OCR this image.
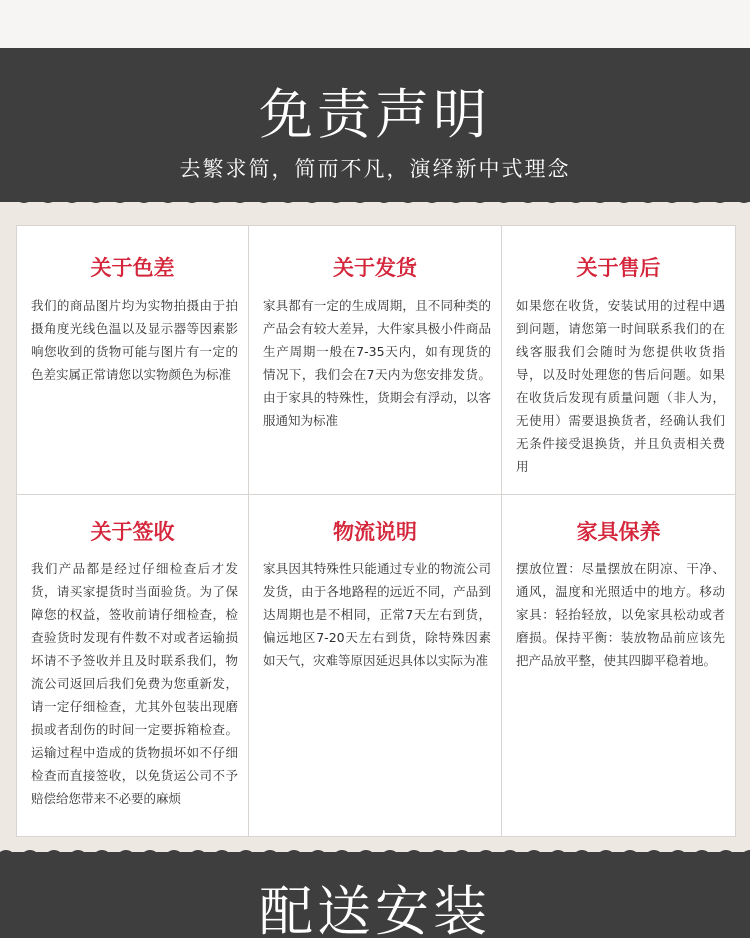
免责声明
去繁求简，简而不凡，演绎新中式理念
关于色差

我们的商品图片均为实物拍摄由于拍摄角度光线色温以及显示器等因素影响您收到的货物可能与图片有一定的色差实属正常请您以实物颜色为标准

关于发货

家具都有一定的生成周期，且不同种类的产品会有较大差异，大件家具极小件商品生产周期一般在7-35天内，如有现货的情况下，我们会在7天内为您安排发货。由于家具的特殊性，货期会有浮动，以客服通知为标准

关于售后

如果您在收货，安装试用的过程中遇到问题，请您第一时间联系我们的在线客服我们会随时为您提供收货指导，以及时处理您的售后问题。如果在收货后发现有质量问题（非人为，无使用）需要退换货者，经确认我们无条件接受退换货，并且负责相关费用

关于签收

我们产品都是经过仔细检查后才发货，请买家提货时当面验货。为了保障您的权益，签收前请仔细检查，检查验货时发现有件数不对或者运输损坏请不予签收并且及时联系我们，物流公司返回后我们免费为您重新发，请一定仔细检查，尤其外包装出现磨损或者刮伤的时间一定要拆箱检查。运输过程中造成的货物损坏如不仔细检查而直接签收，以免货运公司不予赔偿给您带来不必要的麻烦

物流说明

家具因其特殊性只能通过专业的物流公司发货，由于各地路程的远近不同，产品到达周期也是不相同，正常7天左右到货，偏远地区7-20天左右到货，除特殊因素如天气，灾难等原因延迟具体以实际为准

家具保养

摆放位置：尽量摆放在阴凉、干净、通风，温度和光照适中的地方。移动家具：轻抬轻放，以免家具松动或者磨损。保持平衡：装放物品前应该先把产品放平整，使其四脚平稳着地。

配送安装
